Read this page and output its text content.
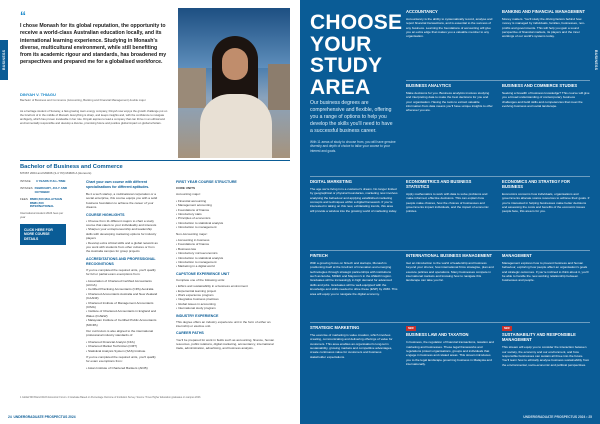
BUSINESS
“
I chose Monash for its global reputation, the opportunity to receive a world-class Australian education locally, and its international learning experience. Studying in Monash's diverse, multicultural environment, while still benefiting from its academic rigour and standards, has broadened my perspectives and prepared me for a globalised workforce.
DINYAH V. THIAGU
Bachelor of Business and Commerce (Accounting, Banking and Financial Management) double major
As a heritage student of Sunway, a fast-growing town energy company, Dinyah now enjoys the growth challenge put on the forefront of in the middle of Monash. Everything is sharp, and keeps insights and, with the confidence to navigate ambiguity, which has proven invaluable in her role. Dinyah aspires to lead a company that can thrive in an ethical and environmentally responsible and develop a diverse, promising future and positive global impact on global scholars.
Bachelor of Business and Commerce
M7367 2004 and M4606 (3-4 YR) M4606 A (Honours)
INTAKE	3 YEARS FULL-TIME
INTAKES FEBRUARY, JULY AND OCTOBER
FEES RM60,500 MALAYSIAN RM81,500 INTERNATIONAL
International student 2024 fees per year
CLICK HERE FOR MORE COURSE DETAILS

Chart your own course with different specialisations for different aptitudes.

Be it a tech startup, a multinational corporation or a social enterprise, this course equips you with a solid business foundation to achieve the career of your dreams.

COURSE HIGHLIGHTS
• Choose from 11 different majors to chart a study course that caters to your individuality and interests
• Sharpen your entrepreneurship and leadership skills with developing marketing options for industry players
• Develop extra critical skills and a global network as you work with students from other cultures or from the Australia campus for group projects
ACCREDITATIONS AND PROFESSIONAL RECOGNITIONS

If you've completed the required units, you'll qualify for full or partial exam exemptions from:

• Association of Chartered Certified Accountants (ACCA)
• Certified Practising Accountants (CPA) Australia
• Chartered Accountants Australia and New Zealand (CAANZ)
• Chartered Institute of Management Accountants (CIMA)
• Institute of Chartered Accountants in England and Wales (ICAEW)
• Malaysian Institute of Certified Public Accountants (MICPA)

Our curriculum is also aligned to the international professional industry standards of:

• Chartered Financial Analyst (CFA)
• Chartered Market Technician (CMT)
• Statistical Analysis System (SAS) Institute

If you've completed the required units, you'll qualify for exam exemptions from:

• Asian Institute of Chartered Bankers (AICB)
FIRST YEAR COURSE STRUCTURE

CORE UNITS

Accounting major:

• Financial accounting
• Management accounting
• Foundations of finance
• Introductory stats
• Principles of economics
• Introduction to statistical analysis
• Introduction to management

Non-Accounting major:

• Accounting in business
• Foundations of finance
• Business law
• Introductory microeconomics
• Introduction to statistical analysis
• Introduction to management
• Marketing in a digital world
CAPSTONE EXPERIENCE UNIT

Complete one of the following units:

• Ethics and sustainability in a business environment
• Experiential learning project
• Work experience program
• Integrative business practices
• Global issues in accounting
• International study program
INDUSTRY EXPERIENCE

This degree offers an industry experience unit in the form of either an internship or elective unit.

CAREER PATHS

You'll be prepared for work in fields such as accounting, finance, human resources, public relations, digital marketing, accountancy, international trade, administration, advertising, and business analysis.

1 Global 500 Brand Worth Economic Forum. 2 Graduate Based on Percentage Outcome of Institution Survey. Source: Times Higher Education graduates on campus 2023.
24 UNDERGRADUATE PROSPECTUS 2024
BUSINESS
CHOOSE
YOUR
STUDY
AREA
Our business degrees are comprehensive and flexible, offering you a range of options to help you develop the skills you'll need to have a successful business career.
With 11 areas of study to choose from, you will have genuine diversity and depth of choice to tailor your course to your interest and goals.
ACCOUNTANCY

Accountancy is the ability to systematically record, analyse and report financial transactions, and is essential to the success of any business. Learning the foundations of accounting will give you an extra edge that makes you a valuable member to any organisation.

BANKING AND FINANCIAL MANAGEMENT

Money matters. You'll study the driving factors behind how money is managed by individuals, families, businesses, non-profits and governments. This will help you gain a sound perspective of financial markets, its players and the inner workings of our world's systems today.

BUSINESS ANALYTICS

Make decisions for you. Business analytics involves studying and interpreting data to make the best decisions for you and your organisation. Having the tools to extract valuable information from data means you'll have unique insights to offer wherever you are.

BUSINESS AND COMMERCE STUDIES

Seeking a breadth of business knowledge? This course will give you a broad understanding of contemporary business challenges and build skills and competencies that meet the evolving business and social landscape.

DIGITAL MARKETING

The age we're living in is a customer's dream. No longer limited by geographical or physical boundaries, marketing now involves analysing the behaviour and applying established marketing concepts and techniques within a digital framework. If you're interested in taking on this new, exhilarating trends, this area will provide a window into the growing world of marketing today.

ECONOMETRICS AND BUSINESS STATISTICS

Apply mathematics to work with data to solve problems and make informed, effective decisions. This can explain how people make choices, how the choices of businesses and governments impact individuals, and the impact of economic policies.

ECONOMICS AND STRATEGY FOR BUSINESS

Economics concerns how individuals, organisations and governments allocate scarce resources to achieve their goals. If you're interested in helping businesses make better decisions and assessing the costs and benefits of the economic issues people face, this area is for you.

FINTECH

With a growing focus on fintech and startups, Monash is positioning itself at the forefront of innovation and emerging technologies through strategic partnerships with institutions such as Ecube, MDEC and Maycom’s in the ASEAN region. Graduates will be increasingly in high demand for advanced skills and jobs. Graduates will be well-equipped with the knowledge and skills needed to drive these (ESP) by 2030. This area will equip you to navigate the digital economy.

INTERNATIONAL BUSINESS MANAGEMENT

Get an introduction to the world of leadership and business beyond your shores; how international firms strategise, plan and execute policies and operations. Many businesses compete in international markets and knowing how to navigate this landscape can take you far.

MANAGEMENT

Management explores how to prevent business and human behaviour, exploring how people affect an organisation's goals and strategic outcomes. If you're inclined to think about it, you'll be able to handle the new working relationship between businesses and people.

STRATEGIC MARKETING

The exercise of marketing is value creation, which involves creating, communicating and delivering offerings of value for customers. This area enables an organisation's long-term sustainability, growing markets and competitive advantages, create continuous value for customers and business stakeholder expectations.

NEW
BUSINESS LAW AND TAXATION

In business, the regulation of financial transactions, taxation and marketing and businesses. These legal frameworks and regulations protect organisations, groups and individuals that engage in business and related areas. This stream introduces you to the legal landscape governing business in Malaysia and internationally.

NEW
SUSTAINABILITY AND RESPONSIBLE MANAGEMENT

This stream will equip you to consider the interaction between our society, the economy and our environment, and how responsible businesses can sustain all three into the future. You'll learn how to ethically analyse business sustainability from the environmental, socio-economic and political perspectives.

UNDERGRADUATE PROSPECTUS 2024 • 25
